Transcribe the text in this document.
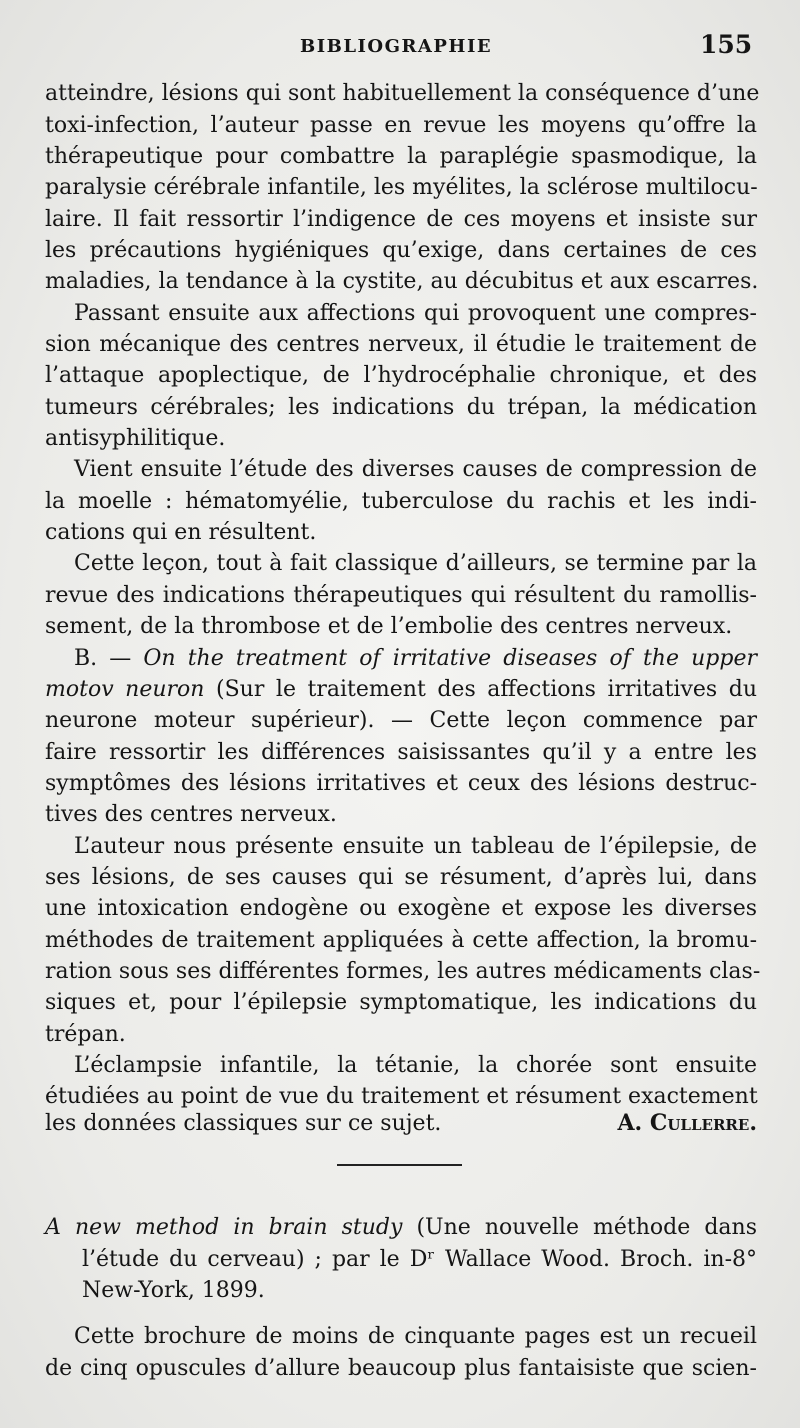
BIBLIOGRAPHIE	155
atteindre, lésions qui sont habituellement la conséquence d’une
toxi-infection, l’auteur passe en revue les moyens qu’offre la
thérapeutique pour combattre la paraplégie spasmodique, la
paralysie cérébrale infantile, les myélites, la sclérose multilocu-
laire. Il fait ressortir l’indigence de ces moyens et insiste sur
les précautions hygiéniques qu’exige, dans certaines de ces
maladies, la tendance à la cystite, au décubitus et aux escarres.
Passant ensuite aux affections qui provoquent une compres-
sion mécanique des centres nerveux, il étudie le traitement de
l’attaque apoplectique, de l’hydrocéphalie chronique, et des
tumeurs cérébrales; les indications du trépan, la médication
antisyphilitique.
Vient ensuite l’étude des diverses causes de compression de
la moelle : hématomyélie, tuberculose du rachis et les indi-
cations qui en résultent.
Cette leçon, tout à fait classique d’ailleurs, se termine par la
revue des indications thérapeutiques qui résultent du ramollis-
sement, de la thrombose et de l’embolie des centres nerveux.
B. — On the treatment of irritative diseases of the upper
motov neuron (Sur le traitement des affections irritatives du
neurone moteur supérieur). — Cette leçon commence par
faire ressortir les différences saisissantes qu’il y a entre les
symptômes des lésions irritatives et ceux des lésions destruc-
tives des centres nerveux.
L’auteur nous présente ensuite un tableau de l’épilepsie, de
ses lésions, de ses causes qui se résument, d’après lui, dans
une intoxication endogène ou exogène et expose les diverses
méthodes de traitement appliquées à cette affection, la bromu-
ration sous ses différentes formes, les autres médicaments clas-
siques et, pour l’épilepsie symptomatique, les indications du
trépan.
L’éclampsie infantile, la tétanie, la chorée sont ensuite
étudiées au point de vue du traitement et résument exactement
les données classiques sur ce sujet.	A. Cullerre.
A new method in brain study (Une nouvelle méthode dans
l’étude du cerveau) ; par le Dʳ Wallace Wood. Broch. in-8°
New-York, 1899.
Cette brochure de moins de cinquante pages est un recueil
de cinq opuscules d’allure beaucoup plus fantaisiste que scien-
